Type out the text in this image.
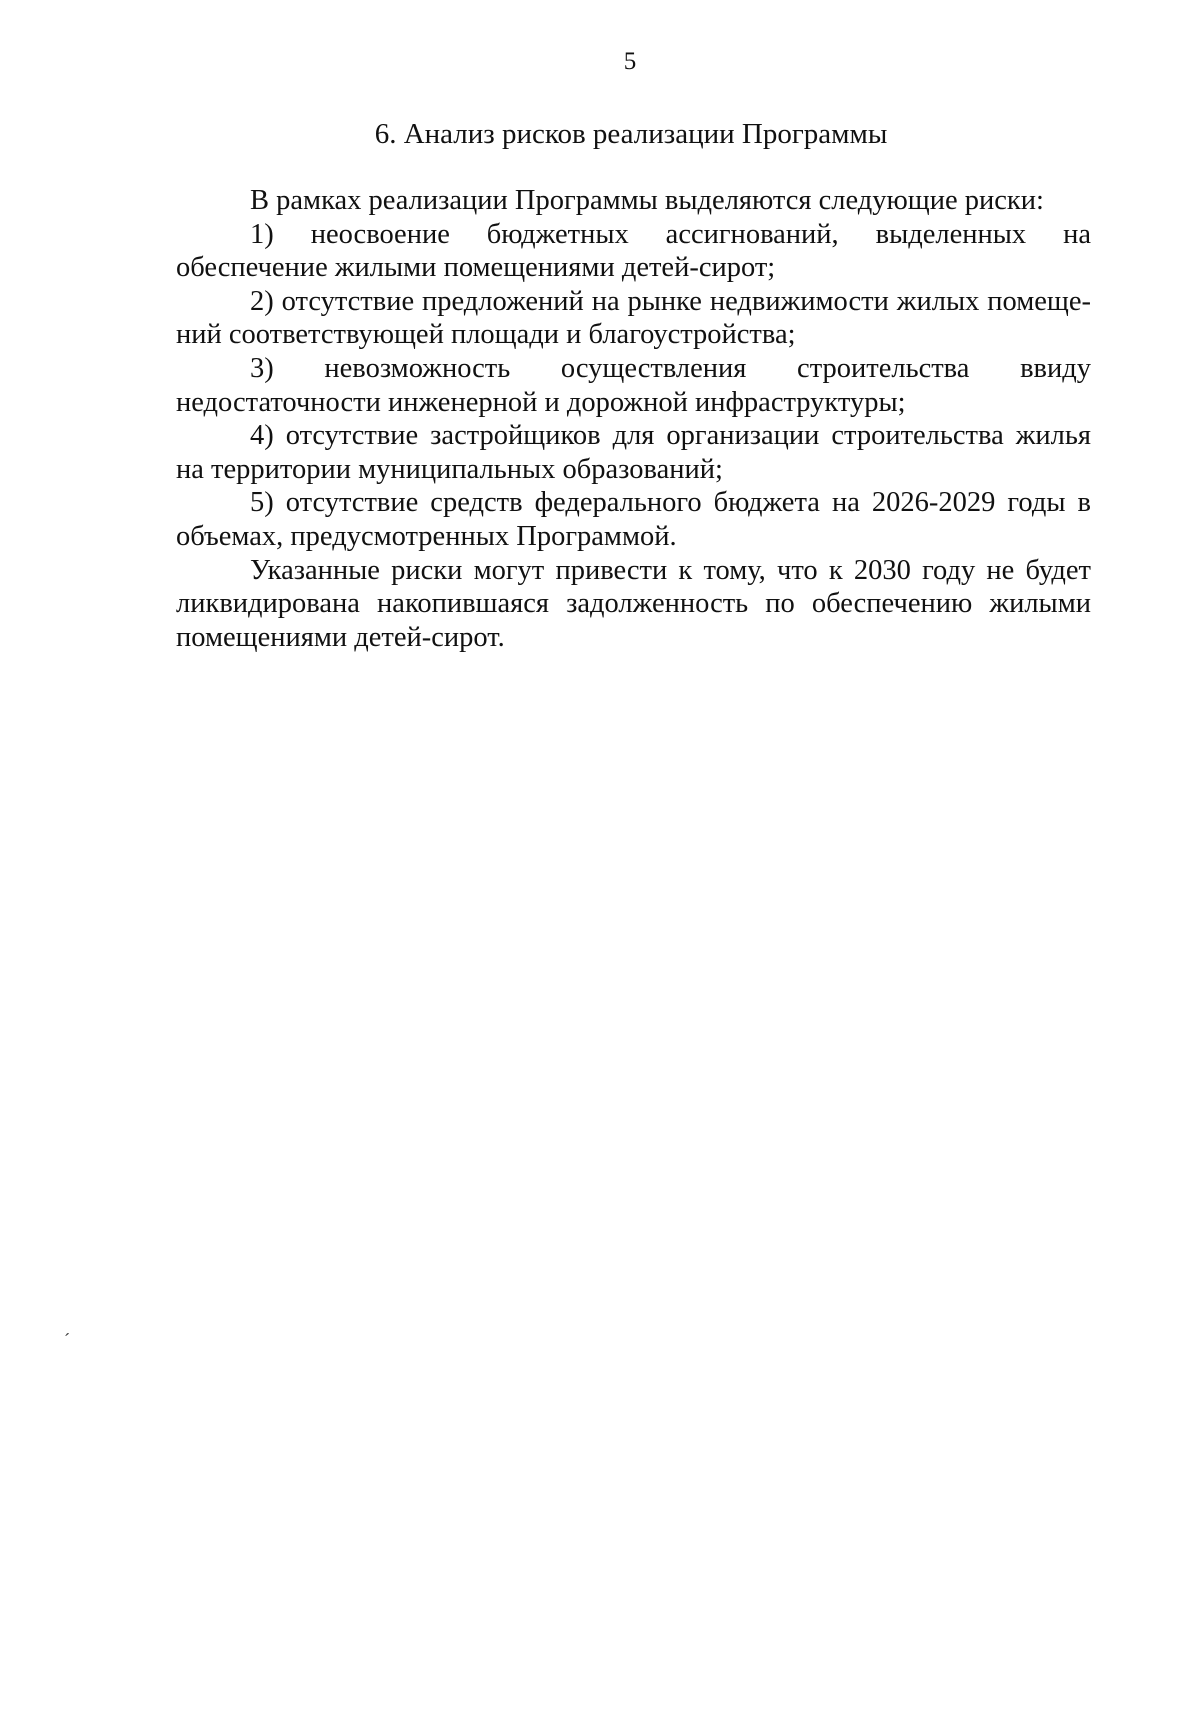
5
6. Анализ рисков реализации Программы

В рамках реализации Программы выделяются следующие риски:

1) неосвоение бюджетных ассигнований, выделенных на обеспечение жилыми помещениями детей-сирот;

2) отсутствие предложений на рынке недвижимости жилых помещений соответствующей площади и благоустройства;

3) невозможность осуществления строительства ввиду недостаточности инженерной и дорожной инфраструктуры;

4) отсутствие застройщиков для организации строительства жилья на территории муниципальных образований;

5) отсутствие средств федерального бюджета на 2026-2029 годы в объемах, предусмотренных Программой.

Указанные риски могут привести к тому, что к 2030 году не будет ликвидирована накопившаяся задолженность по обеспечению жилыми помещениями детей-сирот.

ˊ
